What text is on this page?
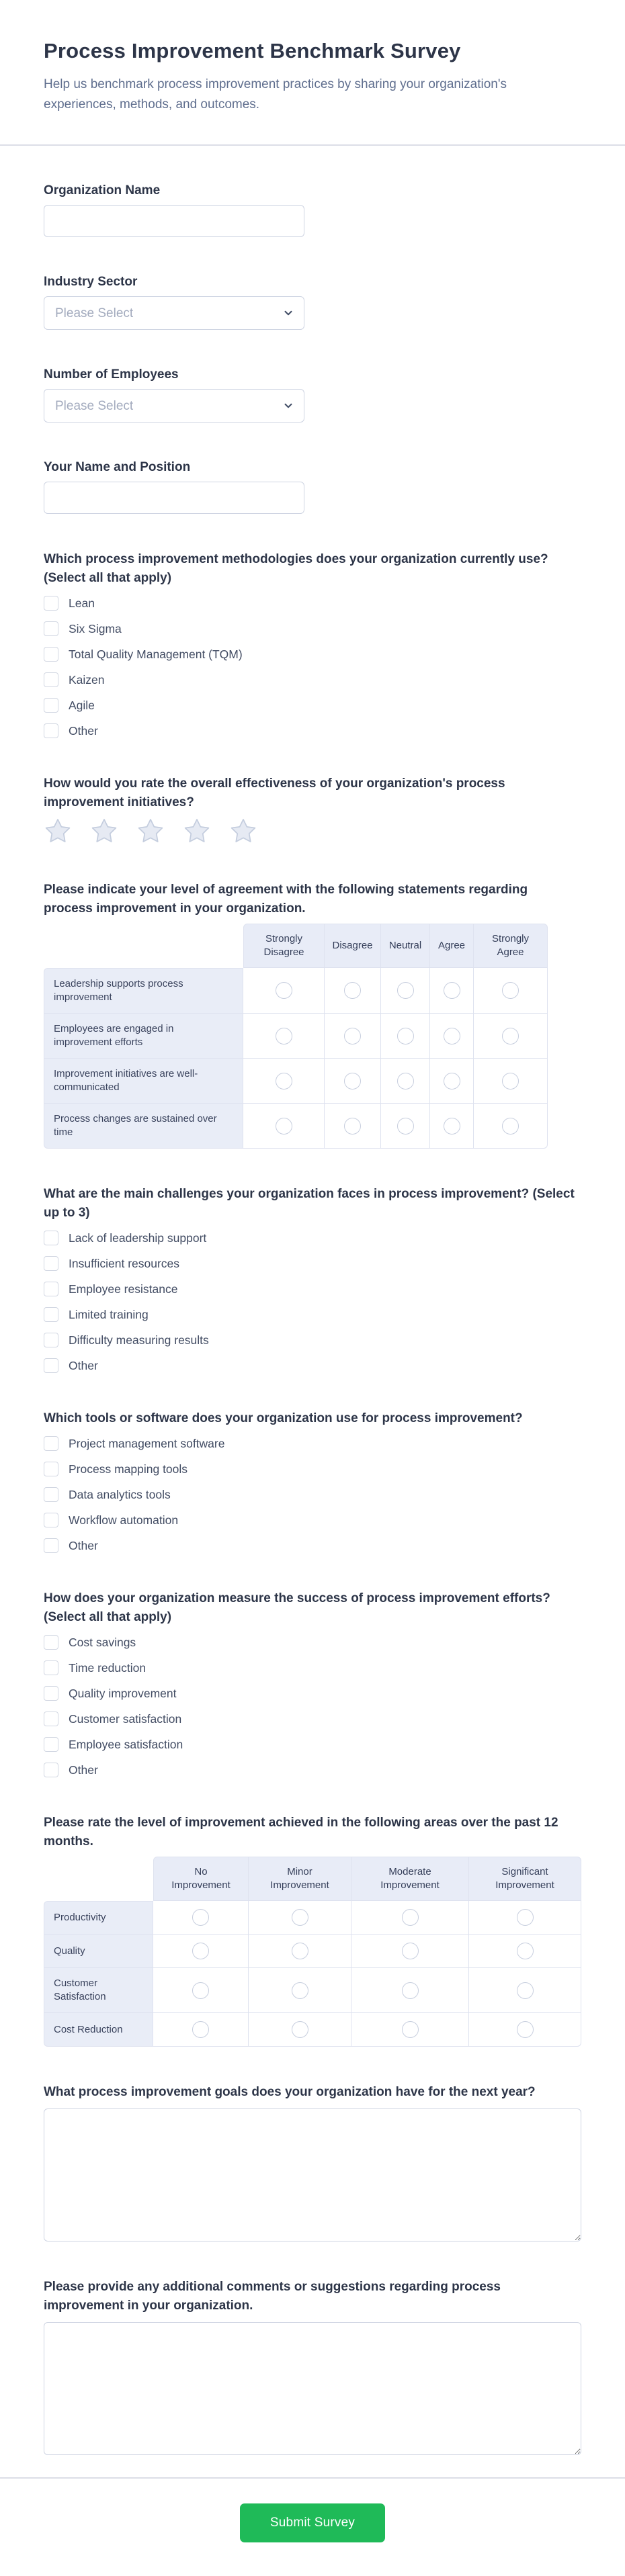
Process Improvement Benchmark Survey

Help us benchmark process improvement practices by sharing your organization's experiences, methods, and outcomes.

Organization Name
Industry Sector
Please Select
Number of Employees
Please Select
Your Name and Position
Which process improvement methodologies does your organization currently use? (Select all that apply)
Lean
Six Sigma
Total Quality Management (TQM)
Kaizen
Agile
Other
How would you rate the overall effectiveness of your organization's process improvement initiatives?
Please indicate your level of agreement with the following statements regarding process improvement in your organization.

	Strongly Disagree	Disagree	Neutral	Agree	Strongly Agree

Leadership supports process improvement					
Employees are engaged in improvement efforts					
Improvement initiatives are well-communicated					
Process changes are sustained over time					
What are the main challenges your organization faces in process improvement? (Select up to 3)
Lack of leadership support
Insufficient resources
Employee resistance
Limited training
Difficulty measuring results
Other
Which tools or software does your organization use for process improvement?
Project management software
Process mapping tools
Data analytics tools
Workflow automation
Other
How does your organization measure the success of process improvement efforts? (Select all that apply)
Cost savings
Time reduction
Quality improvement
Customer satisfaction
Employee satisfaction
Other
Please rate the level of improvement achieved in the following areas over the past 12 months.

	No Improvement	Minor Improvement	Moderate Improvement	Significant Improvement

Productivity				
Quality				
Customer Satisfaction				
Cost Reduction				
What process improvement goals does your organization have for the next year?
Please provide any additional comments or suggestions regarding process improvement in your organization.
Submit Survey
